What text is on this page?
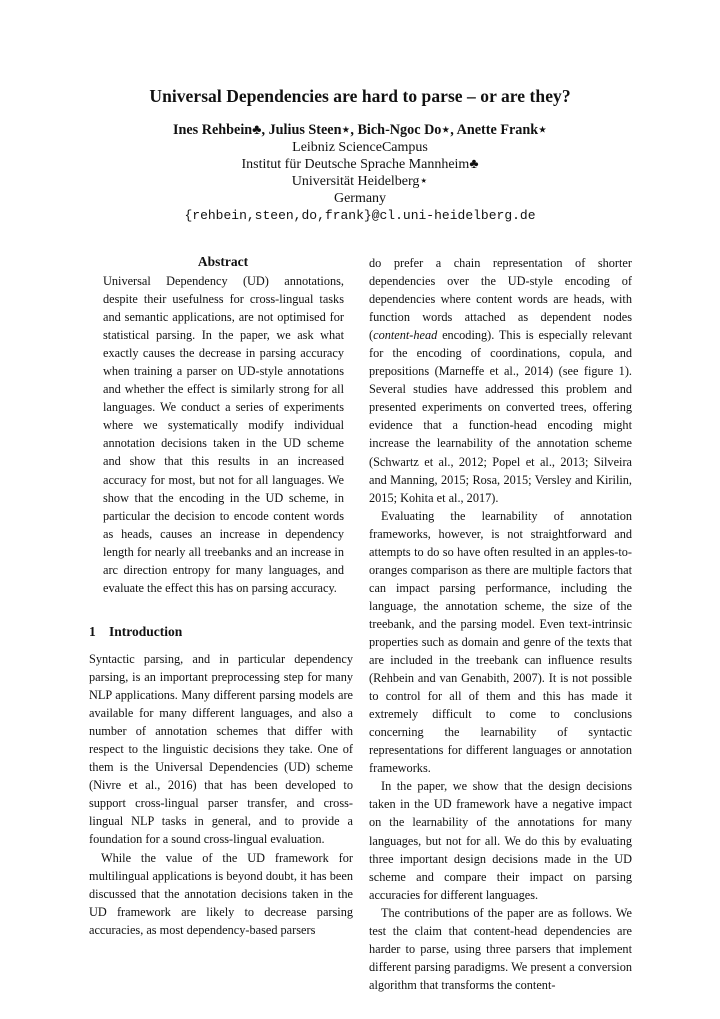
Universal Dependencies are hard to parse – or are they?
Ines Rehbein♣, Julius Steen⋆, Bich-Ngoc Do⋆, Anette Frank⋆
Leibniz ScienceCampus
Institut für Deutsche Sprache Mannheim♣
Universität Heidelberg⋆
Germany
{rehbein,steen,do,frank}@cl.uni-heidelberg.de
Abstract
Universal Dependency (UD) annotations, despite their usefulness for cross-lingual tasks and semantic applications, are not optimised for statistical parsing. In the paper, we ask what exactly causes the decrease in parsing accuracy when training a parser on UD-style annotations and whether the effect is similarly strong for all languages. We conduct a series of experiments where we systematically modify individual annotation decisions taken in the UD scheme and show that this results in an increased accuracy for most, but not for all languages. We show that the encoding in the UD scheme, in particular the decision to encode content words as heads, causes an increase in dependency length for nearly all treebanks and an increase in arc direction entropy for many languages, and evaluate the effect this has on parsing accuracy.
1 Introduction

Syntactic parsing, and in particular dependency parsing, is an important preprocessing step for many NLP applications. Many different parsing models are available for many different languages, and also a number of annotation schemes that differ with respect to the linguistic decisions they take. One of them is the Universal Dependencies (UD) scheme (Nivre et al., 2016) that has been developed to support cross-lingual parser transfer, and cross-lingual NLP tasks in general, and to provide a foundation for a sound cross-lingual evaluation.

While the value of the UD framework for multilingual applications is beyond doubt, it has been discussed that the annotation decisions taken in the UD framework are likely to decrease parsing accuracies, as most dependency-based parsers

do prefer a chain representation of shorter dependencies over the UD-style encoding of dependencies where content words are heads, with function words attached as dependent nodes (content-head encoding). This is especially relevant for the encoding of coordinations, copula, and prepositions (Marneffe et al., 2014) (see figure 1). Several studies have addressed this problem and presented experiments on converted trees, offering evidence that a function-head encoding might increase the learnability of the annotation scheme (Schwartz et al., 2012; Popel et al., 2013; Silveira and Manning, 2015; Rosa, 2015; Versley and Kirilin, 2015; Kohita et al., 2017).

Evaluating the learnability of annotation frameworks, however, is not straightforward and attempts to do so have often resulted in an apples-to-oranges comparison as there are multiple factors that can impact parsing performance, including the language, the annotation scheme, the size of the treebank, and the parsing model. Even text-intrinsic properties such as domain and genre of the texts that are included in the treebank can influence results (Rehbein and van Genabith, 2007). It is not possible to control for all of them and this has made it extremely difficult to come to conclusions concerning the learnability of syntactic representations for different languages or annotation frameworks.

In the paper, we show that the design decisions taken in the UD framework have a negative impact on the learnability of the annotations for many languages, but not for all. We do this by evaluating three important design decisions made in the UD scheme and compare their impact on parsing accuracies for different languages.

The contributions of the paper are as follows. We test the claim that content-head dependencies are harder to parse, using three parsers that implement different parsing paradigms. We present a conversion algorithm that transforms the content-
